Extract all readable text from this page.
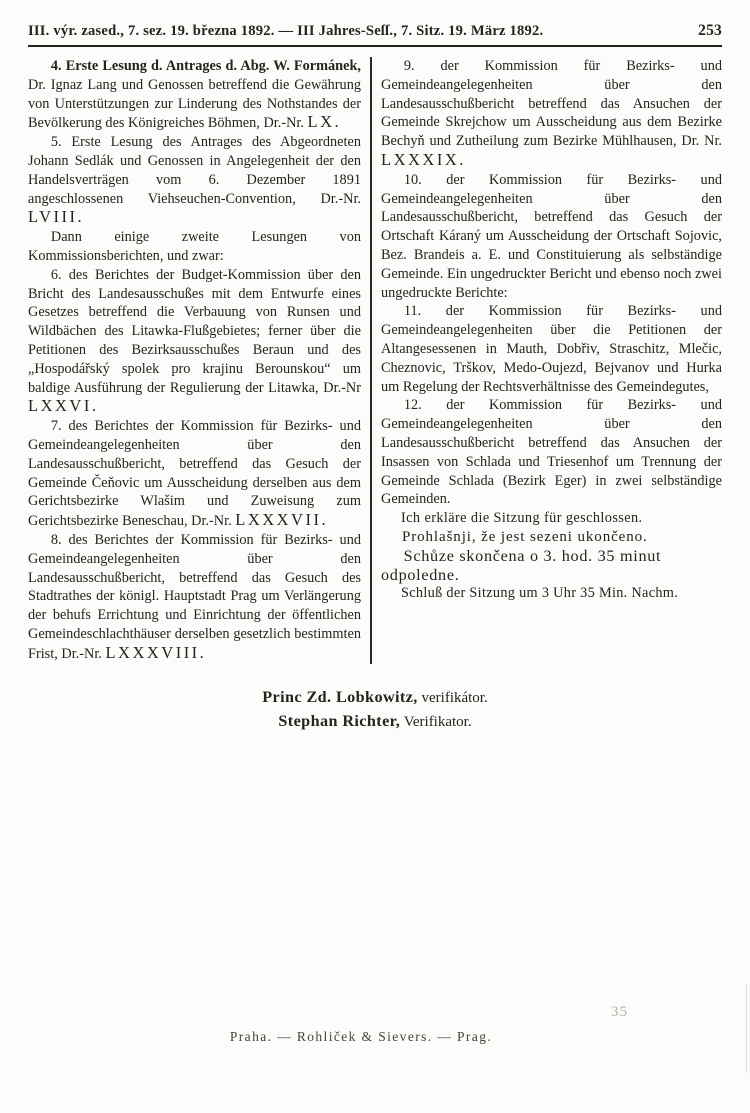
III. výr. zased., 7. sez. 19. března 1892. — III Jahres-Seſſ., 7. Sitz. 19. März 1892.	253

4. Erste Lesung d. Antrages d. Abg. W. Formánek, Dr. Ignaz Lang und Genossen betreffend die Gewährung von Unterstützungen zur Linderung des Nothstandes der Bevölkerung des Königreiches Böhmen, Dr.-Nr. LX.

5. Erste Lesung des Antrages des Abgeordneten Johann Sedlák und Genossen in Angelegenheit der den Handelsverträgen vom 6. Dezember 1891 angeschlossenen Viehseuchen-Convention, Dr.-Nr. LVIII.

Dann einige zweite Lesungen von Kommissionsberichten, und zwar:

6. des Berichtes der Budget-Kommission über den Bricht des Landesausschußes mit dem Entwurfe eines Gesetzes betreffend die Verbauung von Runsen und Wildbächen des Litawka-Flußgebietes; ferner über die Petitionen des Bezirksausschußes Beraun und des „Hospodářský spolek pro krajinu Berounskou“ um baldige Ausführung der Regulierung der Litawka, Dr.-Nr LXXVI.

7. des Berichtes der Kommission für Bezirks- und Gemeindeangelegenheiten über den Landesausschußbericht, betreffend das Gesuch der Gemeinde Čeňovic um Ausscheidung derselben aus dem Gerichtsbezirke Wlašim und Zuweisung zum Gerichtsbezirke Beneschau, Dr.-Nr. LXXXVII.

8. des Berichtes der Kommission für Bezirks- und Gemeindeangelegenheiten über den Landesausschußbericht, betreffend das Gesuch des Stadtrathes der königl. Hauptstadt Prag um Verlängerung der behufs Errichtung und Einrichtung der öffentlichen Gemeindeschlachthäuser derselben gesetzlich bestimmten Frist, Dr.-Nr. LXXXVIII.

9. der Kommission für Bezirks- und Gemeindeangelegenheiten über den Landesausschußbericht betreffend das Ansuchen der Gemeinde Skrejchow um Ausscheidung aus dem Bezirke Bechyň und Zutheilung zum Bezirke Mühlhausen, Dr. Nr. LXXXIX.

10. der Kommission für Bezirks- und Gemeindeangelegenheiten über den Landesausschußbericht, betreffend das Gesuch der Ortschaft Káraný um Ausscheidung der Ortschaft Sojovic, Bez. Brandeis a. E. und Constituierung als selbständige Gemeinde. Ein ungedruckter Bericht und ebenso noch zwei ungedruckte Berichte:

11. der Kommission für Bezirks- und Gemeindeangelegenheiten über die Petitionen der Altangesessenen in Mauth, Dobřiv, Straschitz, Mlečic, Cheznovic, Trškov, Medo-Oujezd, Bejvanov und Hurka um Regelung der Rechtsverhältnisse des Gemeindegutes,

12. der Kommission für Bezirks- und Gemeindeangelegenheiten über den Landesausschußbericht betreffend das Ansuchen der Insassen von Schlada und Triesenhof um Trennung der Gemeinde Schlada (Bezirk Eger) in zwei selbständige Gemeinden.

Ich erkläre die Sitzung für geschlossen.

Prohlašnji, že jest sezeni ukončeno.

Schůze skončena o 3. hod. 35 minut odpoledne.

Schluß der Sitzung um 3 Uhr 35 Min. Nachm.

Princ Zd. Lobkowitz, verifikátor.
Stephan Richter, Verifikator.
35
Praha. — Rohliček & Sievers. — Prag.
